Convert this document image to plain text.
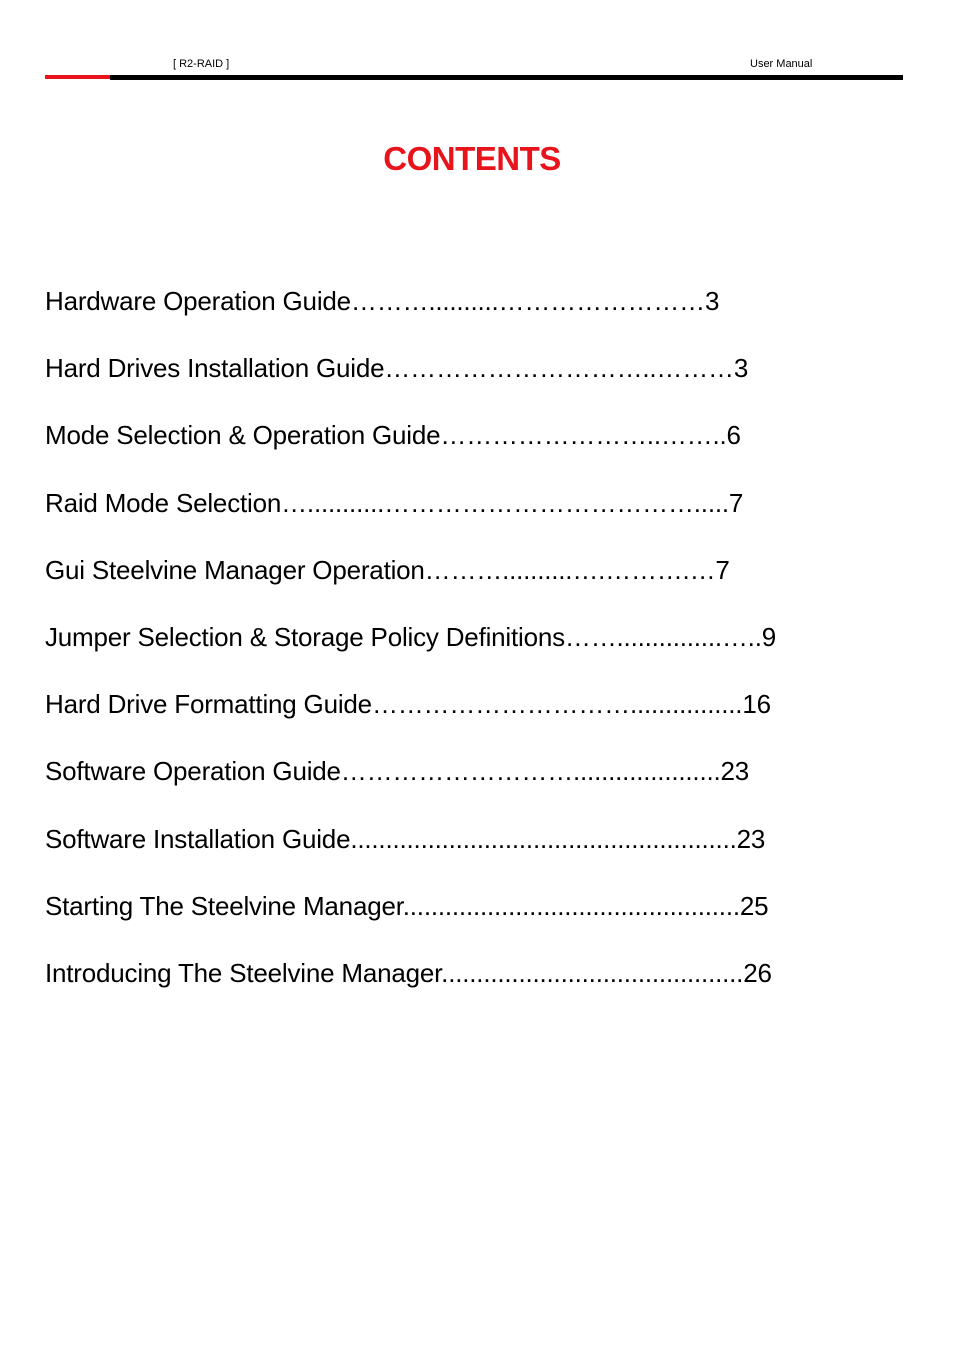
[ R2-RAID ]	User Manual
CONTENTS
Hardware Operation Guide………..........……………………3
Hard Drives Installation Guide…………………………..………3
Mode Selection & Operation Guide……………………..……..6
Raid Mode Selection…...........……………………………….....7
Gui Steelvine Manager Operation………..........….……….…7
Jumper Selection & Storage Policy Definitions……...............…..9
Hard Drive Formatting Guide…………………………................16
Software Operation Guide……………………….....................23
Software Installation Guide.......................................................23
Starting The Steelvine Manager................................................25
Introducing The Steelvine Manager...........................................26
